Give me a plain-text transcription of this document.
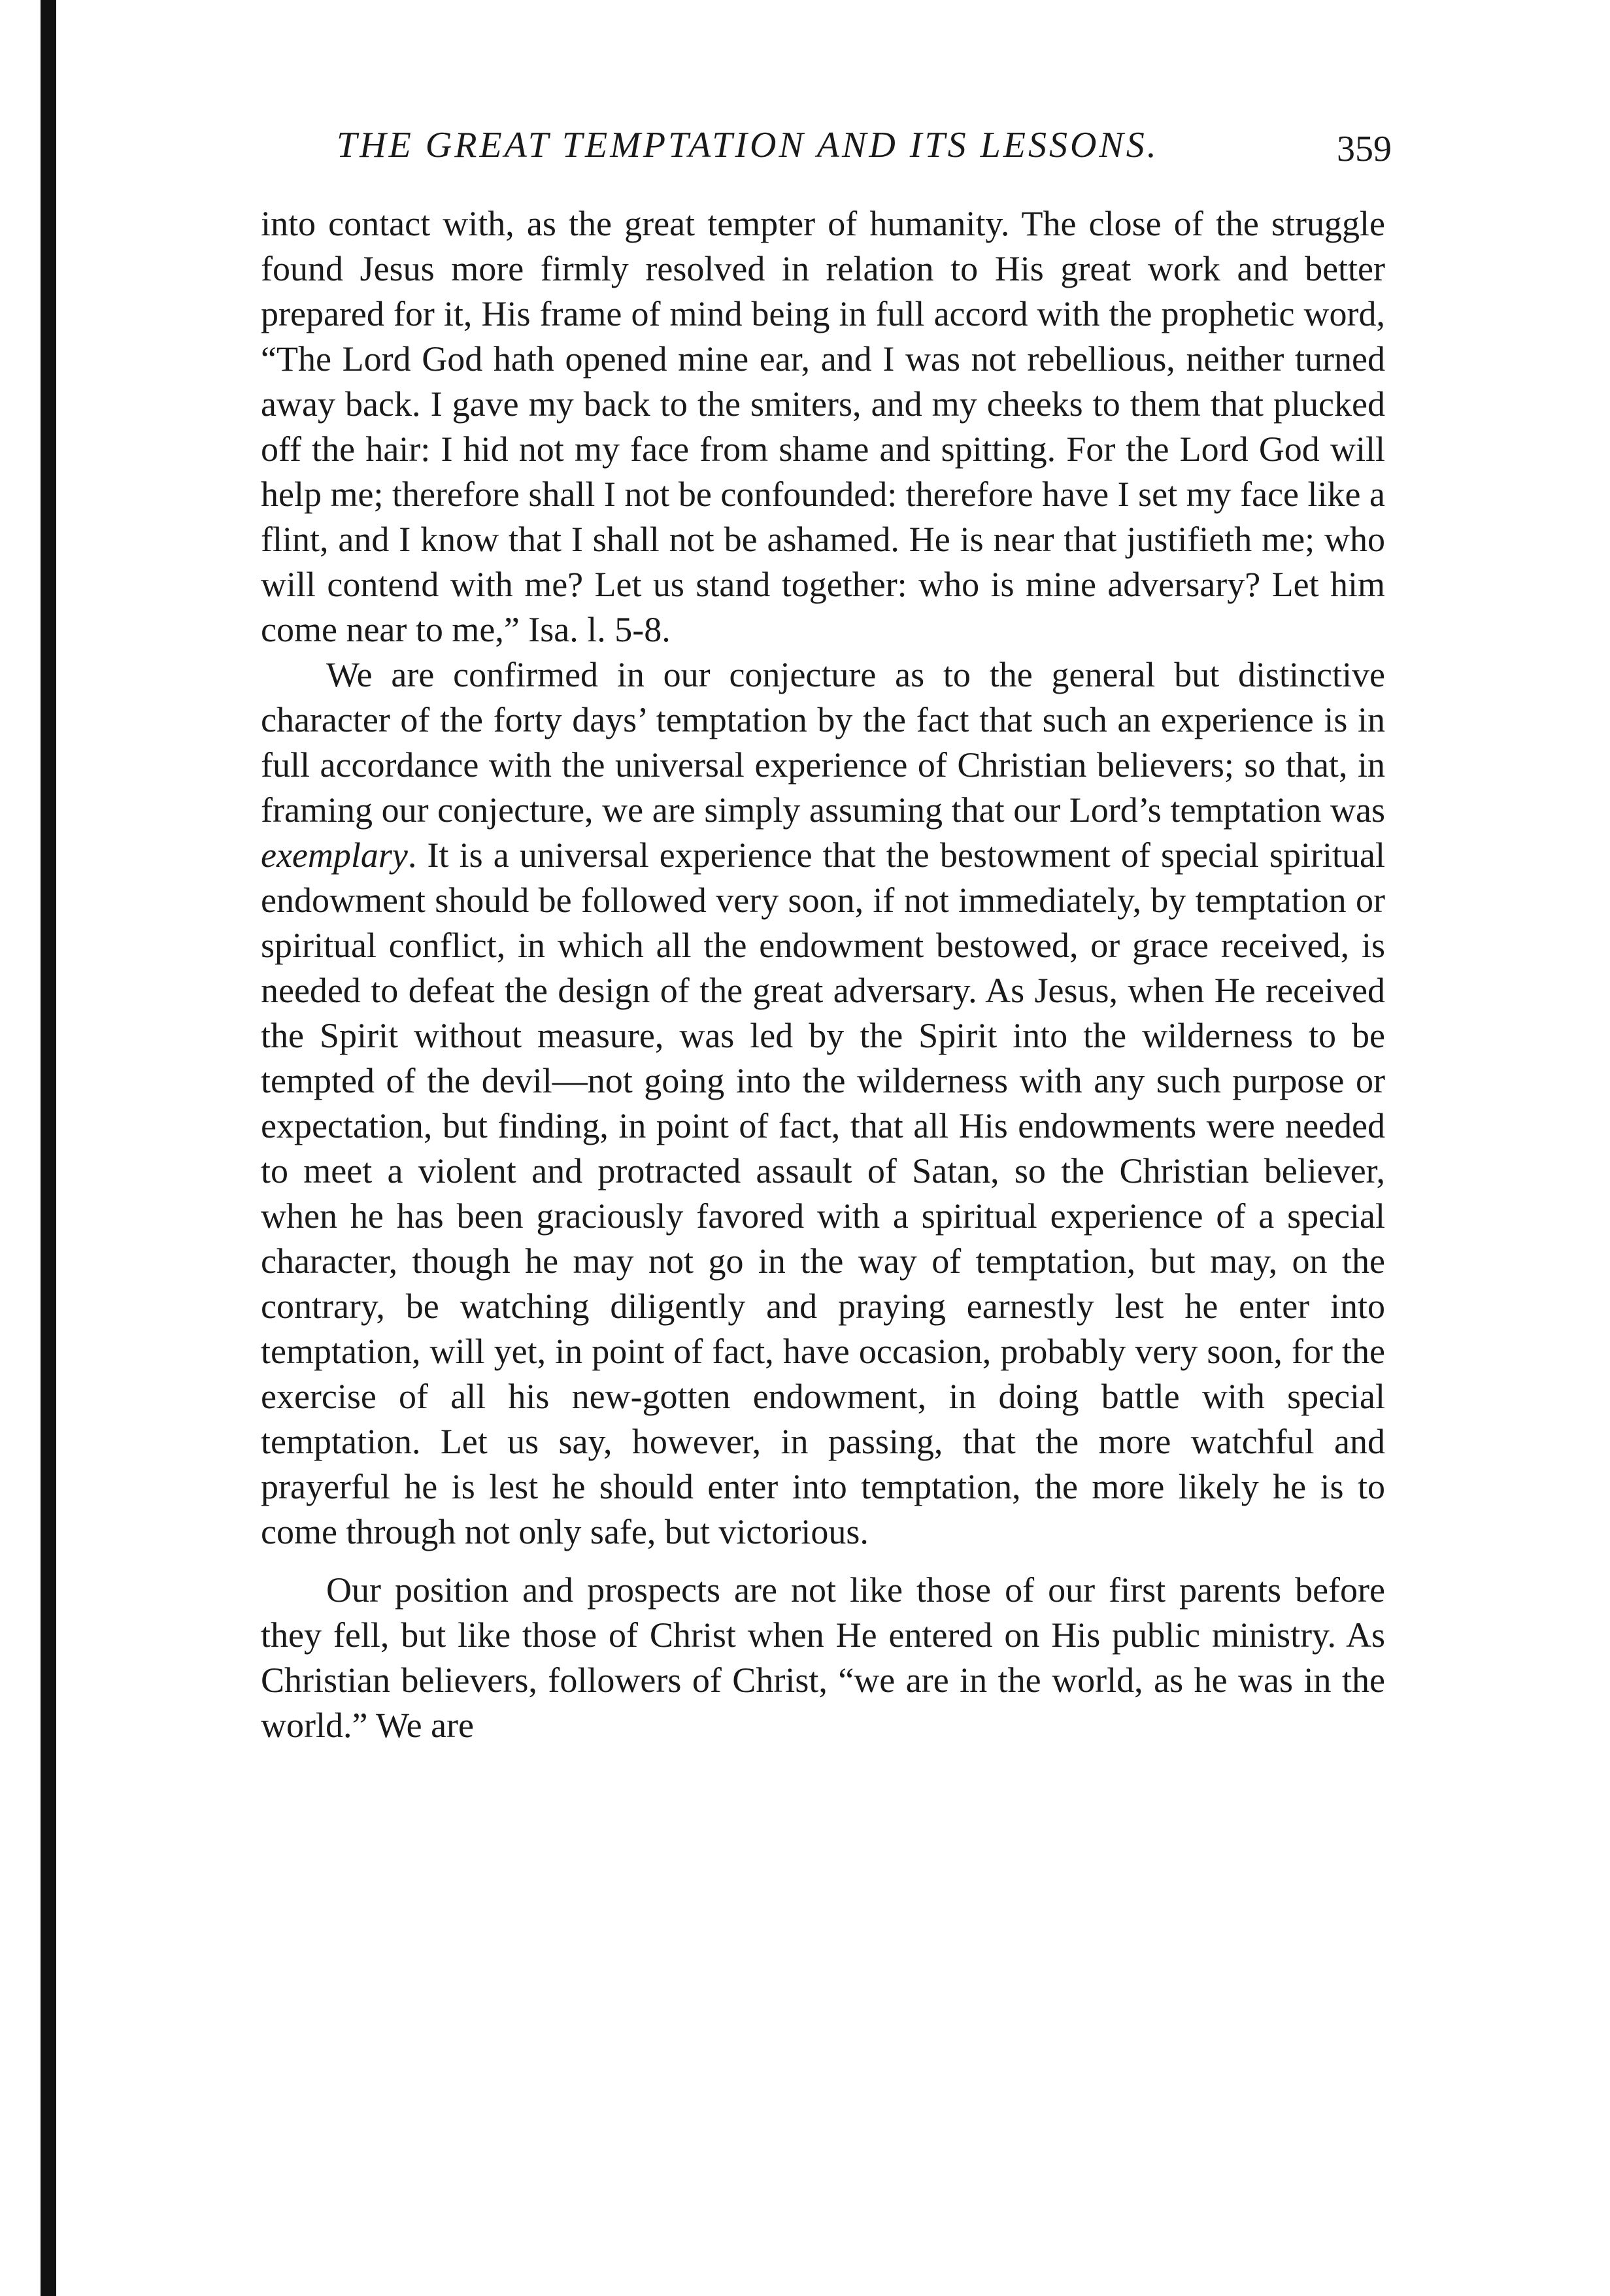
THE GREAT TEMPTATION AND ITS LESSONS.	359

into contact with, as the great tempter of humanity. The close of the struggle found Jesus more firmly resolved in relation to His great work and better prepared for it, His frame of mind being in full accord with the prophetic word, “The Lord God hath opened mine ear, and I was not rebellious, neither turned away back. I gave my back to the smiters, and my cheeks to them that plucked off the hair: I hid not my face from shame and spitting. For the Lord God will help me; therefore shall I not be confounded: therefore have I set my face like a flint, and I know that I shall not be ashamed. He is near that justifieth me; who will contend with me? Let us stand together: who is mine adversary? Let him come near to me,” Isa. l. 5-8.

We are confirmed in our conjecture as to the general but distinctive character of the forty days’ temptation by the fact that such an experience is in full accordance with the universal experience of Christian believers; so that, in framing our conjecture, we are simply assuming that our Lord’s temptation was exemplary. It is a universal experience that the bestowment of special spiritual endowment should be followed very soon, if not immediately, by temptation or spiritual conflict, in which all the endowment bestowed, or grace received, is needed to defeat the design of the great adversary. As Jesus, when He received the Spirit without measure, was led by the Spirit into the wilderness to be tempted of the devil—not going into the wilderness with any such purpose or expectation, but finding, in point of fact, that all His endowments were needed to meet a violent and protracted assault of Satan, so the Christian believer, when he has been graciously favored with a spiritual experience of a special character, though he may not go in the way of temptation, but may, on the contrary, be watching diligently and praying earnestly lest he enter into temptation, will yet, in point of fact, have occasion, probably very soon, for the exercise of all his new-gotten endowment, in doing battle with special temptation. Let us say, however, in passing, that the more watchful and prayerful he is lest he should enter into temptation, the more likely he is to come through not only safe, but victorious.

Our position and prospects are not like those of our first parents before they fell, but like those of Christ when He entered on His public ministry. As Christian believers, followers of Christ, “we are in the world, as he was in the world.” We are
